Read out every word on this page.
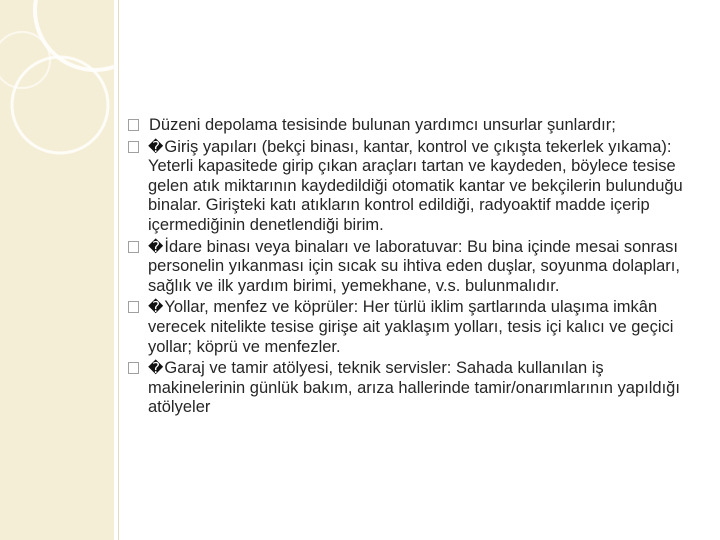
Düzeni depolama tesisinde bulunan yardımcı unsurlar şunlardır;
�Giriş yapıları (bekçi binası, kantar, kontrol ve çıkışta tekerlek yıkama): Yeterli kapasitede girip çıkan araçları tartan ve kaydeden, böylece tesise gelen atık miktarının kaydedildiği otomatik kantar ve bekçilerin bulunduğu binalar. Girişteki katı atıkların kontrol edildiği, radyoaktif madde içerip içermediğinin denetlendiği birim.
�İdare binası veya binaları ve laboratuvar: Bu bina içinde mesai sonrası personelin yıkanması için sıcak su ihtiva eden duşlar, soyunma dolapları, sağlık ve ilk yardım birimi, yemekhane, v.s. bulunmalıdır.
�Yollar, menfez ve köprüler: Her türlü iklim şartlarında ulaşıma imkân verecek nitelikte tesise girişe ait yaklaşım yolları, tesis içi kalıcı ve geçici yollar; köprü ve menfezler.
�Garaj ve tamir atölyesi, teknik servisler: Sahada kullanılan iş makinelerinin günlük bakım, arıza hallerinde tamir/onarımlarının yapıldığı atölyeler
